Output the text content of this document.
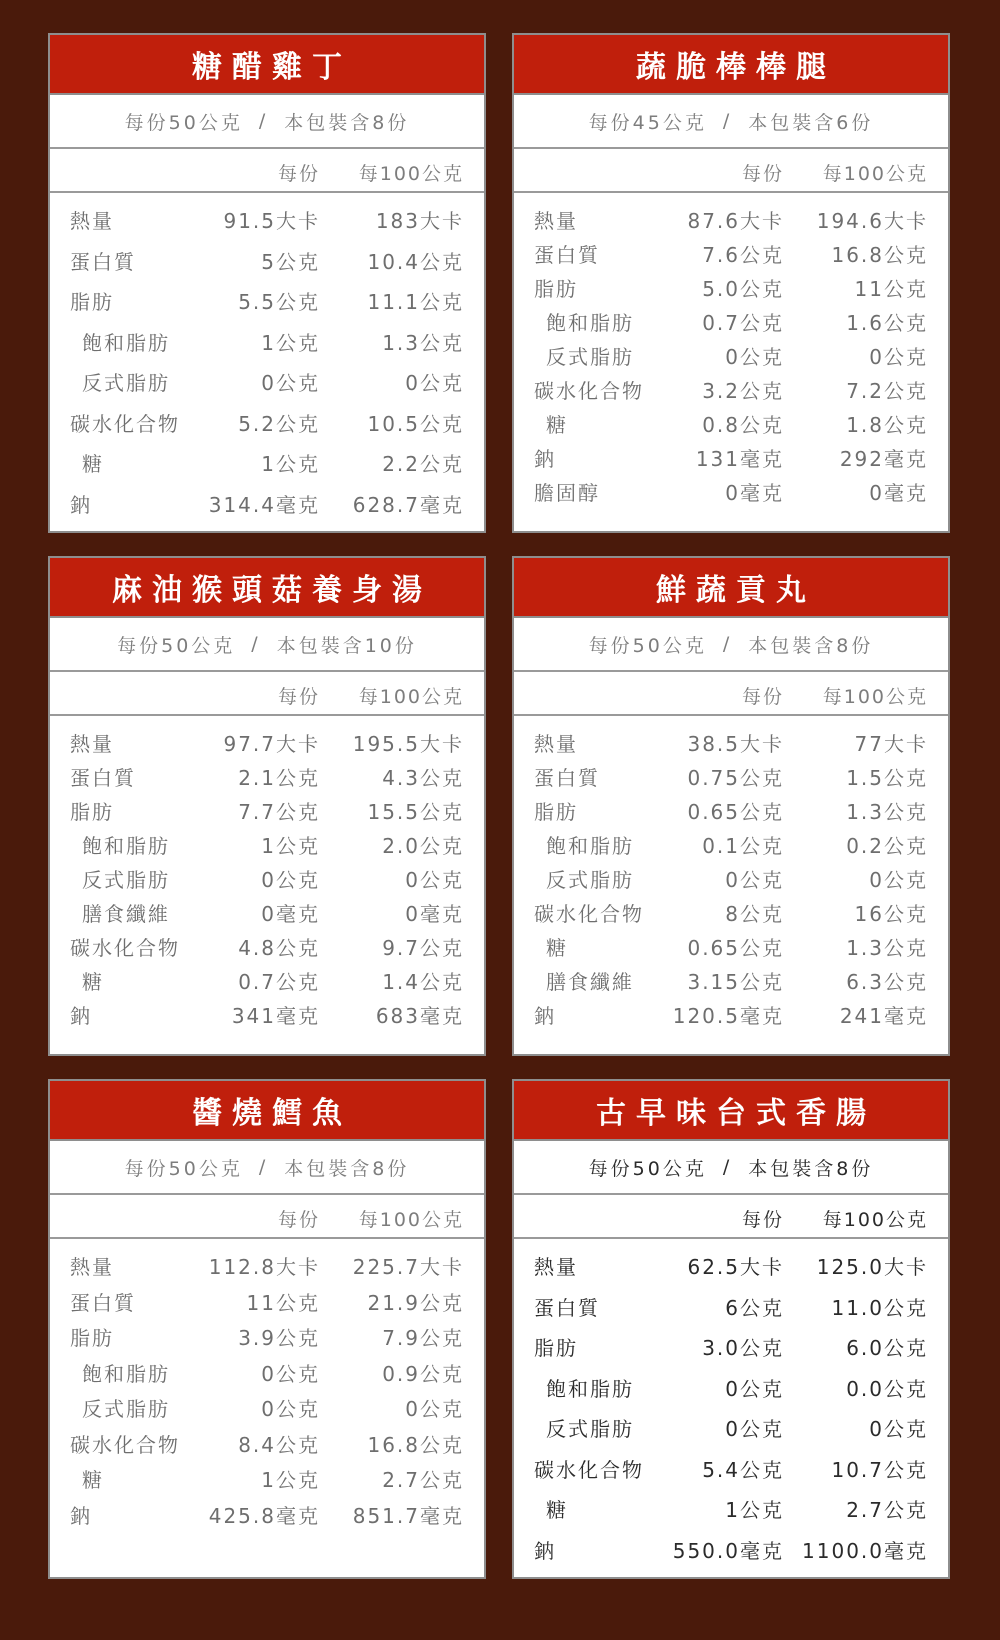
糖醋雞丁
每份50公克 / 本包裝含8份
每份 每100公克
熱量	91.5大卡	183大卡
蛋白質	5公克 10.4公克
脂肪	5.5公克 11.1公克
飽和脂肪	1公克	1.3公克
反式脂肪	0公克	0公克
碳水化合物	5.2公克 10.5公克
糖	1公克	2.2公克
鈉	314.4毫克 628.7毫克
蔬脆棒棒腿
每份45公克 / 本包裝含6份
每份 每100公克
熱量	87.6大卡 194.6大卡
蛋白質	7.6公克 16.8公克
脂肪	5.0公克	11公克
飽和脂肪	0.7公克	1.6公克
反式脂肪	0公克	0公克
碳水化合物	3.2公克	7.2公克
糖	0.8公克	1.8公克
鈉	131毫克	292毫克
膽固醇	0毫克	0毫克
麻油猴頭菇養身湯
每份50公克 / 本包裝含10份
每份 每100公克
熱量	97.7大卡 195.5大卡
蛋白質	2.1公克	4.3公克
脂肪	7.7公克 15.5公克
飽和脂肪	1公克	2.0公克
反式脂肪	0公克	0公克
膳食纖維	0毫克	0毫克
碳水化合物	4.8公克	9.7公克
糖	0.7公克	1.4公克
鈉	341毫克	683毫克
鮮蔬貢丸
每份50公克 / 本包裝含8份
每份 每100公克
熱量	38.5大卡	77大卡
蛋白質	0.75公克	1.5公克
脂肪	0.65公克	1.3公克
飽和脂肪	0.1公克	0.2公克
反式脂肪	0公克	0公克
碳水化合物	8公克	16公克
糖	0.65公克	1.3公克
膳食纖維	3.15公克	6.3公克
鈉	120.5毫克	241毫克
醬燒鱈魚
每份50公克 / 本包裝含8份
每份 每100公克
熱量	112.8大卡 225.7大卡
蛋白質	11公克 21.9公克
脂肪	3.9公克	7.9公克
飽和脂肪	0公克	0.9公克
反式脂肪	0公克	0公克
碳水化合物	8.4公克 16.8公克
糖	1公克	2.7公克
鈉	425.8毫克 851.7毫克
古早味台式香腸
每份50公克 / 本包裝含8份
每份 每100公克
熱量	62.5大卡 125.0大卡
蛋白質	6公克 11.0公克
脂肪	3.0公克	6.0公克
飽和脂肪	0公克	0.0公克
反式脂肪	0公克	0公克
碳水化合物	5.4公克 10.7公克
糖	1公克	2.7公克
鈉	550.0毫克 1100.0毫克
